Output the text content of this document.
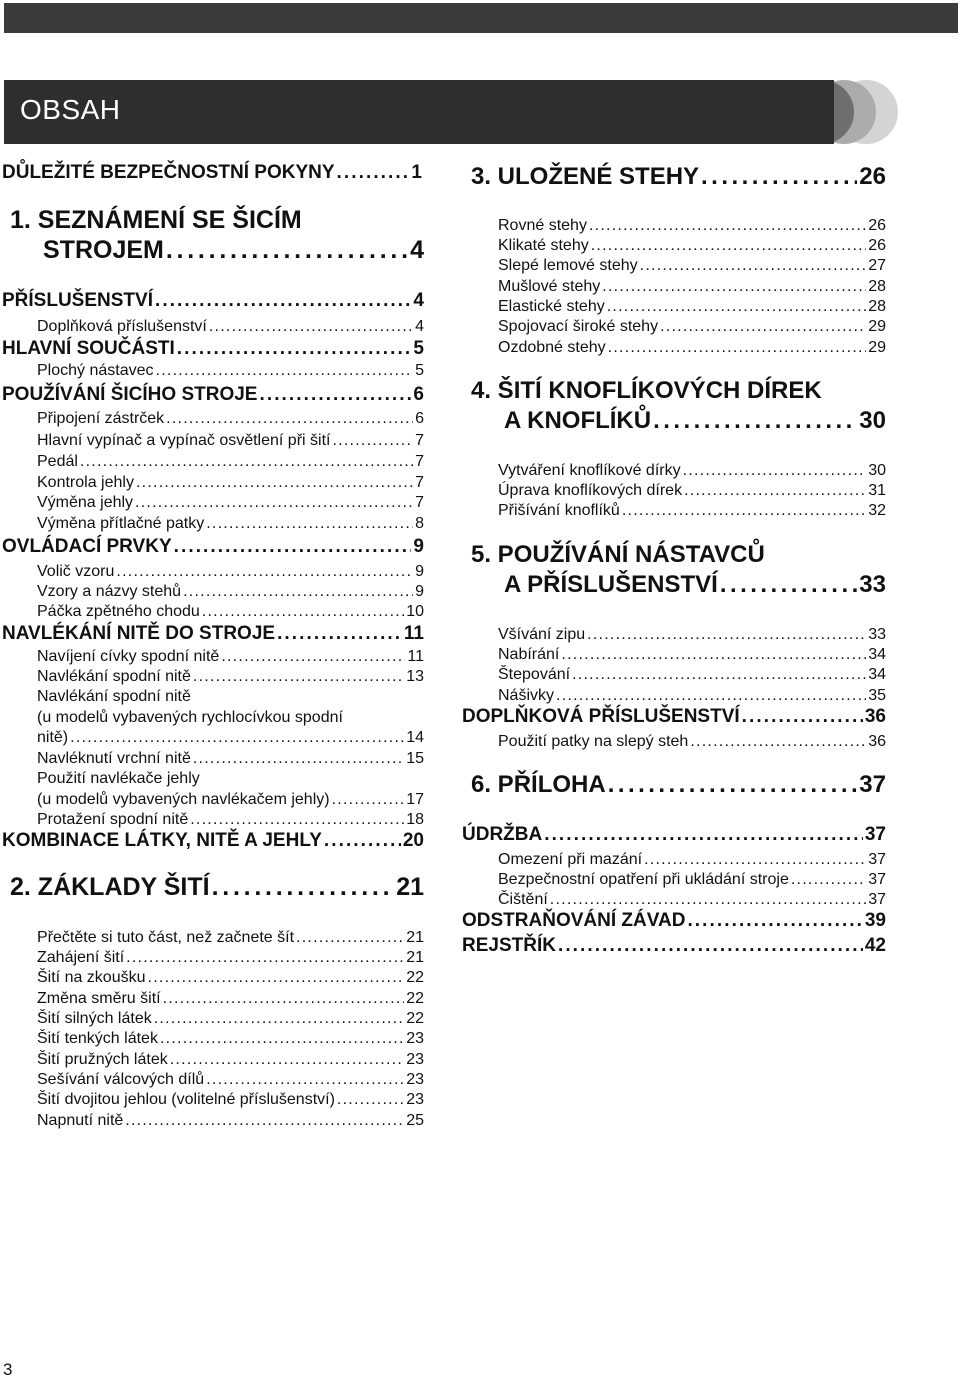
OBSAH
DŮLEŽITÉ BEZPEČNOSTNÍ POKYNY . . .	1
1. SEZNÁMENÍ SE ŠICÍM
STROJEM . . .	4
PŘÍSLUŠENSTVÍ . . .	4
Doplňková příslušenství . . .	4
HLAVNÍ SOUČÁSTI . . .	5
Plochý nástavec . . .	5
POUŽÍVÁNÍ ŠICÍHO STROJE . . .	6
Připojení zástrček . . .	6
Hlavní vypínač a vypínač osvětlení při šití . . .	7
Pedál . . .	7
Kontrola jehly . . .	7
Výměna jehly . . .	7
Výměna přítlačné patky . . .	8
OVLÁDACÍ PRVKY . . .	9
Volič vzoru . . .	9
Vzory a názvy stehů . . .	9
Páčka zpětného chodu . . .	10
NAVLÉKÁNÍ NITĚ DO STROJE . . .	11
Navíjení cívky spodní nitě . . .	11
Navlékání spodní nitě . . .	13
Navlékání spodní nitě
(u modelů vybavených rychlocívkou spodní
nitě) . . .	14
Navléknutí vrchní nitě . . .	15
Použití navlékače jehly
(u modelů vybavených navlékačem jehly) . . .	17
Protažení spodní nitě . . .	18
KOMBINACE LÁTKY, NITĚ A JEHLY . . .	20
2. ZÁKLADY ŠITÍ . . .	21
Přečtěte si tuto část, než začnete šít . . .	21
Zahájení šití . . .	21
Šití na zkoušku . . .	22
Změna směru šití . . .	22
Šití silných látek . . .	22
Šití tenkých látek . . .	23
Šití pružných látek . . .	23
Sešívání válcových dílů . . .	23
Šití dvojitou jehlou (volitelné příslušenství) . . .	23
Napnutí nitě . . .	25
3. ULOŽENÉ STEHY . . .	26
Rovné stehy . . .	26
Klikaté stehy . . .	26
Slepé lemové stehy . . .	27
Mušlové stehy . . .	28
Elastické stehy . . .	28
Spojovací široké stehy . . .	29
Ozdobné stehy . . .	29
4. ŠITÍ KNOFLÍKOVÝCH DÍREK
A KNOFLÍKŮ . . .	30
Vytváření knoflíkové dírky . . .	30
Úprava knoflíkových dírek . . .	31
Přišívání knoflíků . . .	32
5. POUŽÍVÁNÍ NÁSTAVCŮ
A PŘÍSLUŠENSTVÍ . . .	33
Všívání zipu . . .	33
Nabírání . . .	34
Štepování . . .	34
Nášivky . . .	35
DOPLŇKOVÁ PŘÍSLUŠENSTVÍ . . .	36
Použití patky na slepý steh . . .	36
6. PŘÍLOHA . . .	37
ÚDRŽBA . . .	37
Omezení při mazání . . .	37
Bezpečnostní opatření při ukládání stroje . . .	37
Čištění . . .	37
ODSTRAŇOVÁNÍ ZÁVAD . . .	39
REJSTŘÍK . . .	42
3
